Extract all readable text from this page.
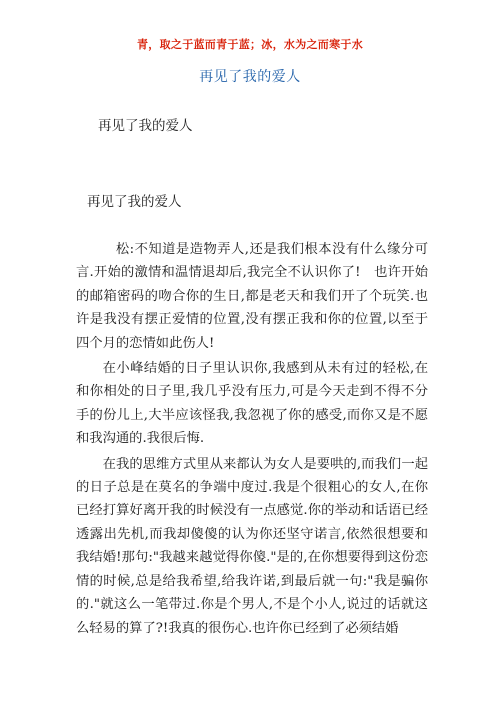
青，取之于蓝而青于蓝；冰，水为之而寒于水
再见了我的爱人
再见了我的爱人
再见了我的爱人

松:不知道是造物弄人,还是我们根本没有什么缘分可言.开始的激情和温情退却后,我完全不认识你了!　也许开始的邮箱密码的吻合你的生日,都是老天和我们开了个玩笑.也许是我没有摆正爱情的位置,没有摆正我和你的位置,以至于四个月的恋情如此伤人!

在小峰结婚的日子里认识你,我感到从未有过的轻松,在和你相处的日子里,我几乎没有压力,可是今天走到不得不分手的份儿上,大半应该怪我,我忽视了你的感受,而你又是不愿和我沟通的.我很后悔.

在我的思维方式里从来都认为女人是要哄的,而我们一起的日子总是在莫名的争端中度过.我是个很粗心的女人,在你已经打算好离开我的时候没有一点感觉.你的举动和话语已经透露出先机,而我却傻傻的认为你还坚守诺言,依然很想要和我结婚!那句:"我越来越觉得你傻."是的,在你想要得到这份恋情的时候,总是给我希望,给我许诺,到最后就一句:"我是骗你的."就这么一笔带过.你是个男人,不是个小人,说过的话就这么轻易的算了?!我真的很伤心.也许你已经到了必须结婚
